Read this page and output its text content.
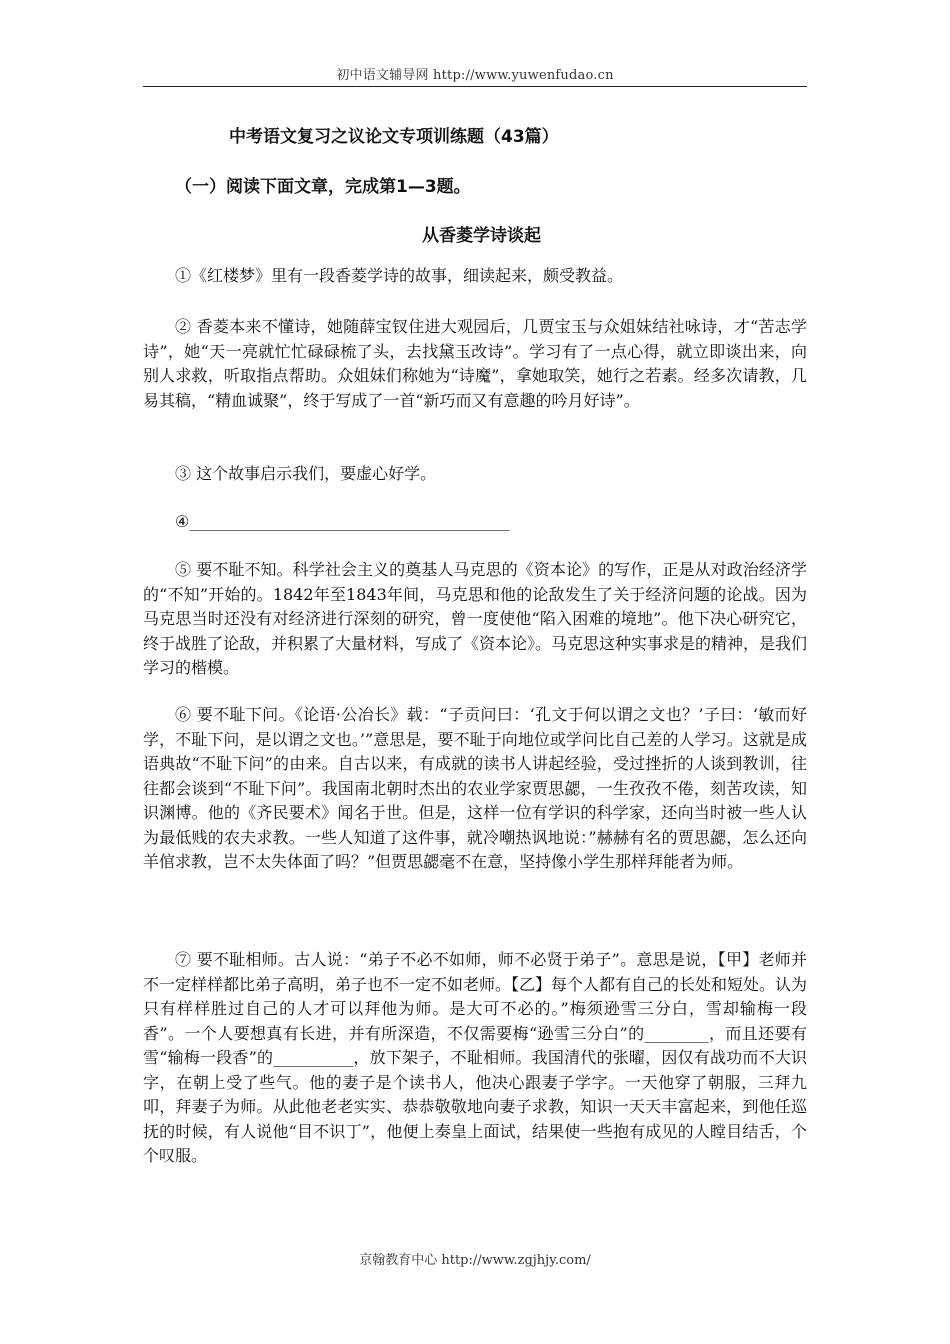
初中语文辅导网 http://www.yuwenfudao.cn
中考语文复习之议论文专项训练题（43篇）
（一）阅读下面文章，完成第1—3题。
从香菱学诗谈起

①《红楼梦》里有一段香菱学诗的故事，细读起来，颇受教益。

② 香菱本来不懂诗，她随薛宝钗住进大观园后，几贾宝玉与众姐妹结社咏诗，才“苦志学诗”，她“天一亮就忙忙碌碌梳了头，去找黛玉改诗”。学习有了一点心得，就立即谈出来，向别人求救，听取指点帮助。众姐妹们称她为“诗魔”，拿她取笑，她行之若素。经多次请教，几易其稿，“精血诚聚”，终于写成了一首“新巧而又有意趣的吟月好诗”。

③ 这个故事启示我们，要虚心好学。

④________________________________________

⑤ 要不耻不知。科学社会主义的奠基人马克思的《资本论》的写作，正是从对政治经济学的“不知”开始的。1842年至1843年间，马克思和他的论敌发生了关于经济问题的论战。因为马克思当时还没有对经济进行深刻的研究，曾一度使他“陷入困难的境地”。他下决心研究它，终于战胜了论敌，并积累了大量材料，写成了《资本论》。马克思这种实事求是的精神，是我们学习的楷模。

⑥ 要不耻下问。《论语·公冶长》载：“子贡问曰：‘孔文于何以谓之文也？’子曰：‘敏而好学，不耻下问，是以谓之文也。’”意思是，要不耻于向地位或学问比自己差的人学习。这就是成语典故“不耻下问”的由来。自古以来，有成就的读书人讲起经验，受过挫折的人谈到教训，往往都会谈到“不耻下问”。我国南北朝时杰出的农业学家贾思勰，一生孜孜不倦，刻苦攻读，知识渊博。他的《齐民要术》闻名于世。但是，这样一位有学识的科学家，还向当时被一些人认为最低贱的农夫求教。一些人知道了这件事，就冷嘲热讽地说：”赫赫有名的贾思勰，怎么还向羊倌求教，岂不太失体面了吗？”但贾思勰毫不在意，坚持像小学生那样拜能者为师。

⑦ 要不耻相师。古人说：“弟子不必不如师，师不必贤于弟子”。意思是说，【甲】老师并不一定样样都比弟子高明，弟子也不一定不如老师。【乙】每个人都有自己的长处和短处。认为只有样样胜过自己的人才可以拜他为师。是大可不必的。”梅须逊雪三分白，雪却输梅一段香”。一个人要想真有长进，并有所深造，不仅需要梅“逊雪三分白”的________，而且还要有雪“输梅一段香”的__________，放下架子，不耻相师。我国清代的张曜，因仅有战功而不大识字，在朝上受了些气。他的妻子是个读书人，他决心跟妻子学字。一天他穿了朝服，三拜九叩，拜妻子为师。从此他老老实实、恭恭敬敬地向妻子求教，知识一天天丰富起来，到他任巡抚的时候，有人说他“目不识丁”，他便上奏皇上面试，结果使一些抱有成见的人瞠目结舌，个个叹服。

京翰教育中心 http://www.zgjhjy.com/
